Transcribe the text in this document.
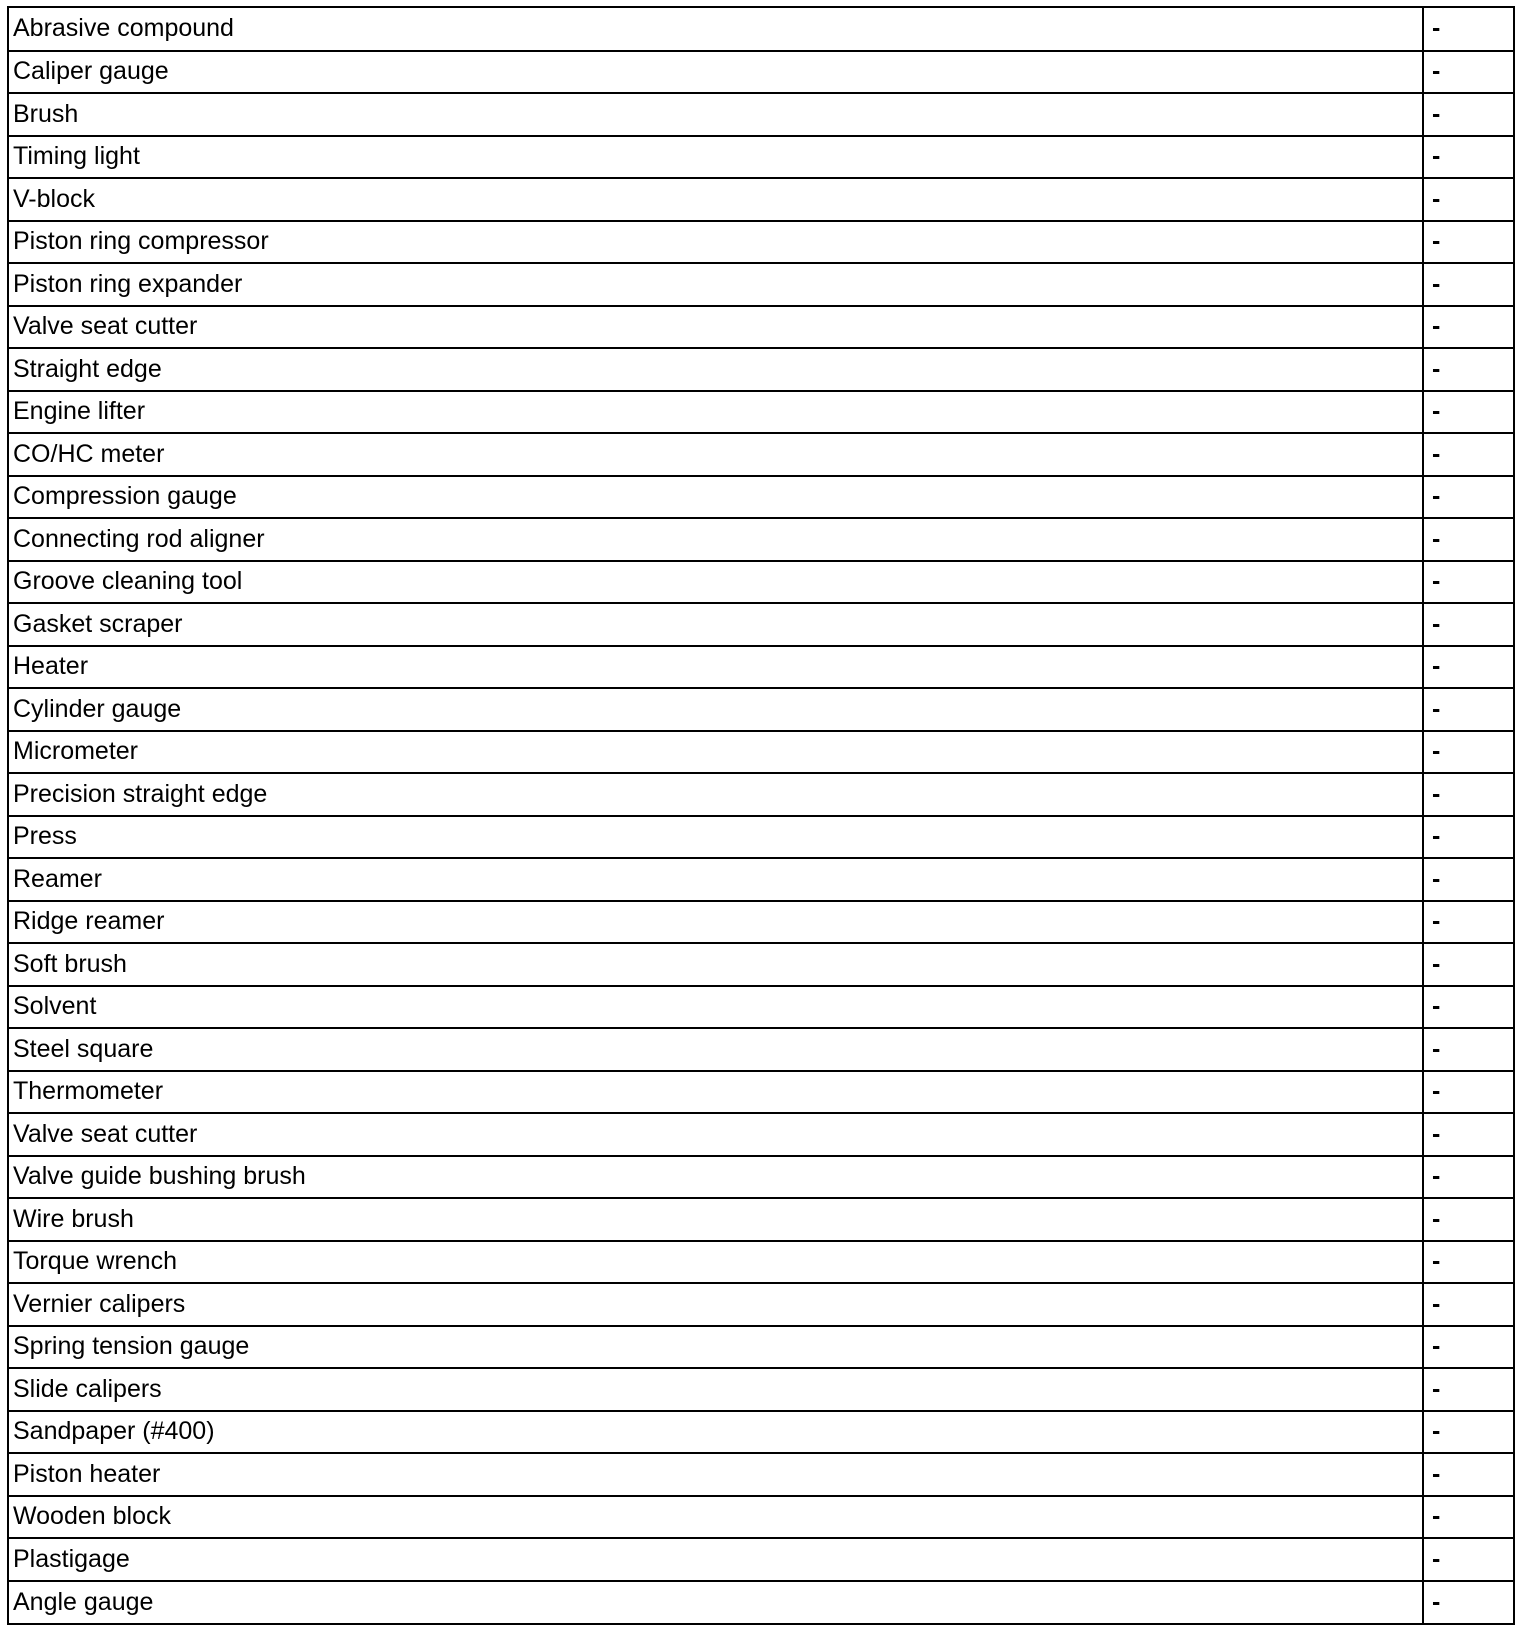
Abrasive compound	-
Caliper gauge	-
Brush	-
Timing light	-
V-block	-
Piston ring compressor	-
Piston ring expander	-
Valve seat cutter	-
Straight edge	-
Engine lifter	-
CO/HC meter	-
Compression gauge	-
Connecting rod aligner	-
Groove cleaning tool	-
Gasket scraper	-
Heater	-
Cylinder gauge	-
Micrometer	-
Precision straight edge	-
Press	-
Reamer	-
Ridge reamer	-
Soft brush	-
Solvent	-
Steel square	-
Thermometer	-
Valve seat cutter	-
Valve guide bushing brush	-
Wire brush	-
Torque wrench	-
Vernier calipers	-
Spring tension gauge	-
Slide calipers	-
Sandpaper (#400)	-
Piston heater	-
Wooden block	-
Plastigage	-
Angle gauge	-
